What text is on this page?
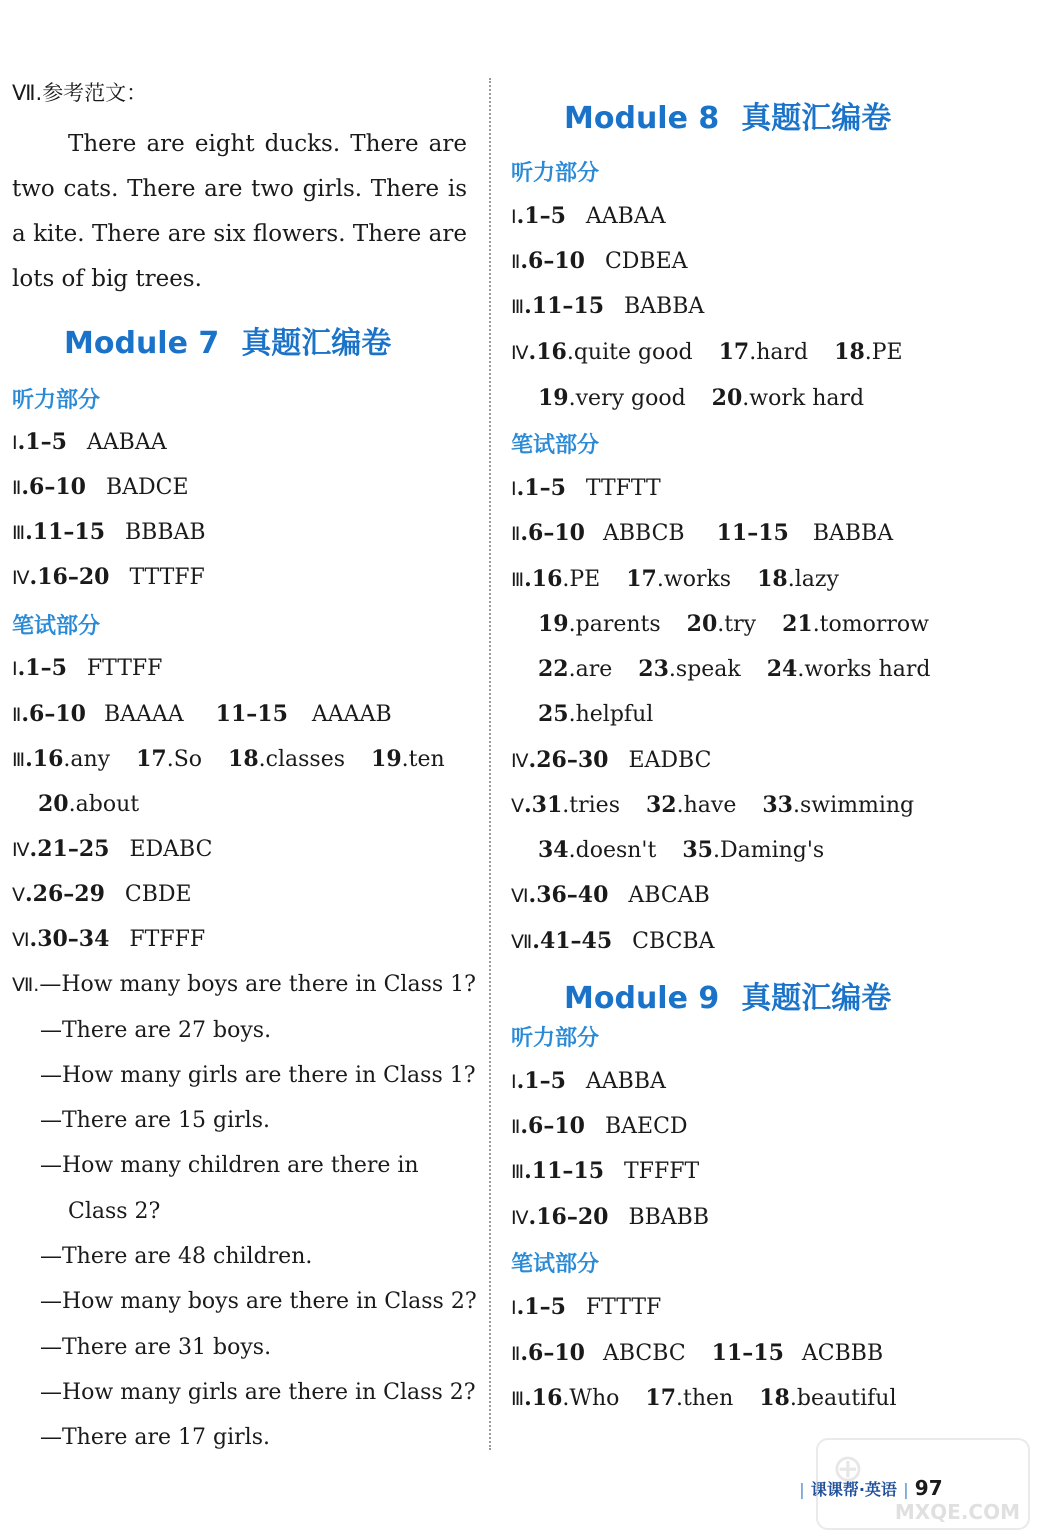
Ⅶ.参考范文：
There are eight ducks. There are two cats. There are two girls. There is a kite. There are six flowers. There are lots of big trees.
Module 7 真题汇编卷
听力部分
Ⅰ.1–5 AABAA
Ⅱ.6–10 BADCE
Ⅲ.11–15 BBBAB
Ⅳ.16–20 TTTFF
笔试部分
Ⅰ.1–5 FTTFF
Ⅱ.6–10 BAAAA 11–15 AAAAB
Ⅲ.16.any 17.So 18.classes 19.ten
20.about
Ⅳ.21–25 EDABC
Ⅴ.26–29 CBDE
Ⅵ.30–34 FTFFF
Ⅶ.—How many boys are there in Class 1?
—There are 27 boys.
—How many girls are there in Class 1?
—There are 15 girls.
—How many children are there in
Class 2?
—There are 48 children.
—How many boys are there in Class 2?
—There are 31 boys.
—How many girls are there in Class 2?
—There are 17 girls.
Module 8 真题汇编卷
听力部分
Ⅰ.1–5 AABAA
Ⅱ.6–10 CDBEA
Ⅲ.11–15 BABBA
Ⅳ.16.quite good 17.hard 18.PE
19.very good 20.work hard
笔试部分
Ⅰ.1–5 TTFTT
Ⅱ.6–10 ABBCB 11–15 BABBA
Ⅲ.16.PE 17.works 18.lazy
19.parents 20.try 21.tomorrow
22.are 23.speak 24.works hard
25.helpful
Ⅳ.26–30 EADBC
Ⅴ.31.tries 32.have 33.swimming
34.doesn't 35.Daming's
Ⅵ.36–40 ABCAB
Ⅶ.41–45 CBCBA
Module 9 真题汇编卷
听力部分
Ⅰ.1–5 AABBA
Ⅱ.6–10 BAECD
Ⅲ.11–15 TFFFT
Ⅳ.16–20 BBABB
笔试部分
Ⅰ.1–5 FTTTF
Ⅱ.6–10 ABCBC 11–15 ACBBB
Ⅲ.16.Who 17.then 18.beautiful
| 课课帮·英语 | 97
⊕
MXQE.COM
